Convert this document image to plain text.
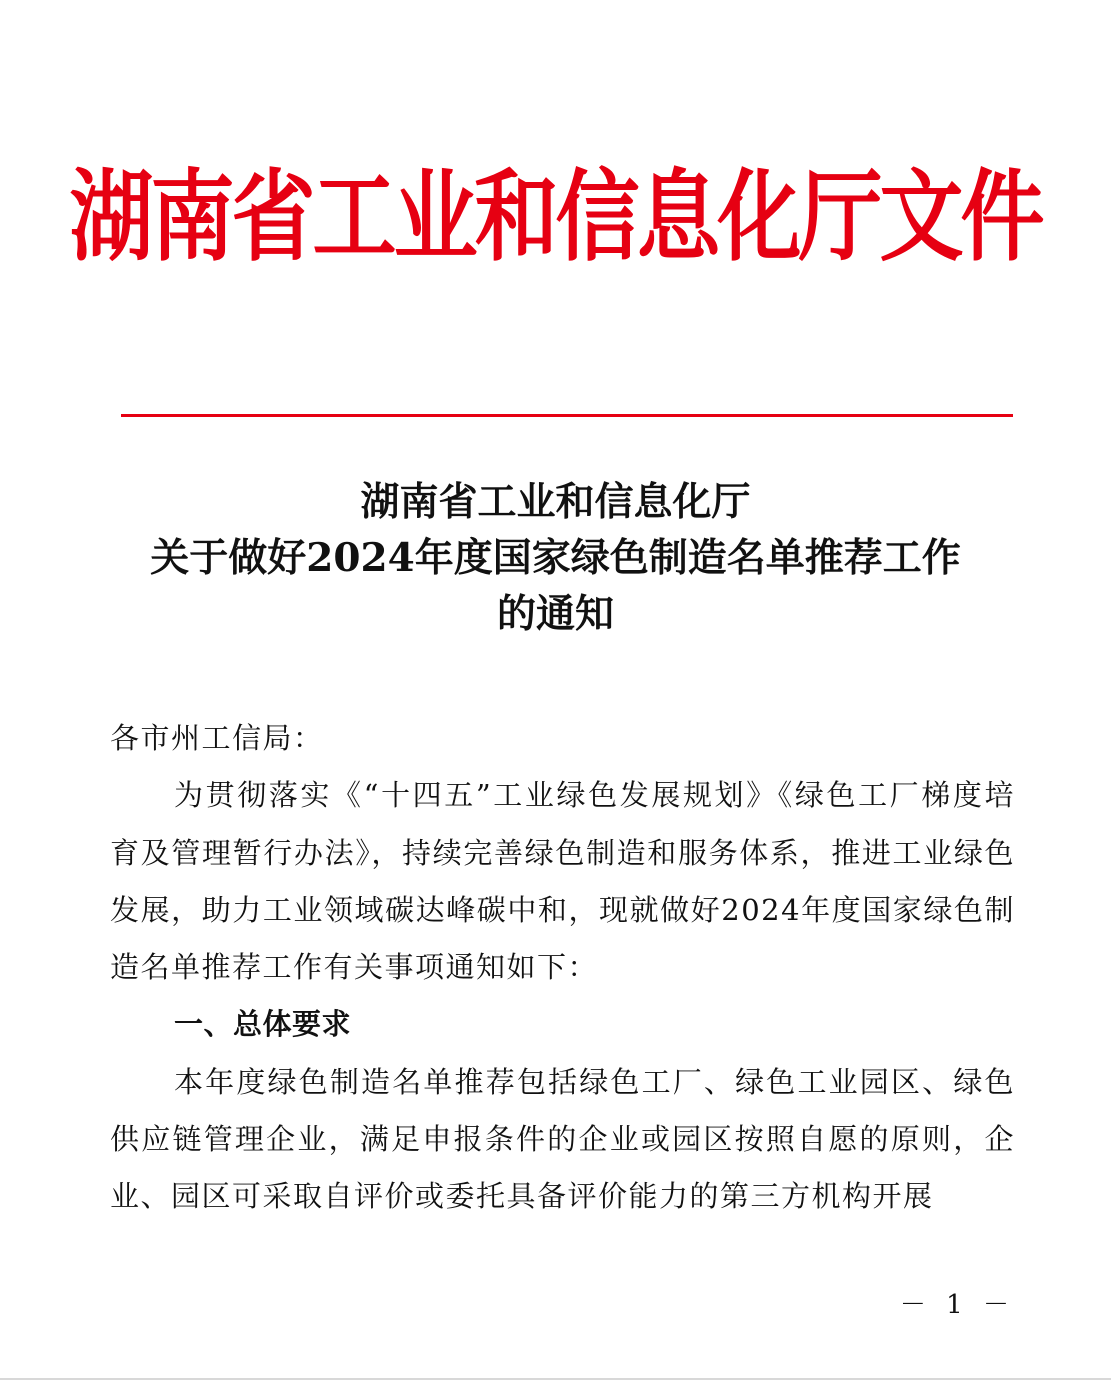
湖南省工业和信息化厅文件
湖南省工业和信息化厅
关于做好2024年度国家绿色制造名单推荐工作
的通知

各市州工信局：

为贯彻落实《“十四五”工业绿色发展规划》《绿色工厂梯度培育及管理暂行办法》，持续完善绿色制造和服务体系，推进工业绿色发展，助力工业领域碳达峰碳中和，现就做好2024年度国家绿色制造名单推荐工作有关事项通知如下：

一、总体要求

本年度绿色制造名单推荐包括绿色工厂、绿色工业园区、绿色供应链管理企业，满足申报条件的企业或园区按照自愿的原则，企业、园区可采取自评价或委托具备评价能力的第三方机构开展

－ 1 －
